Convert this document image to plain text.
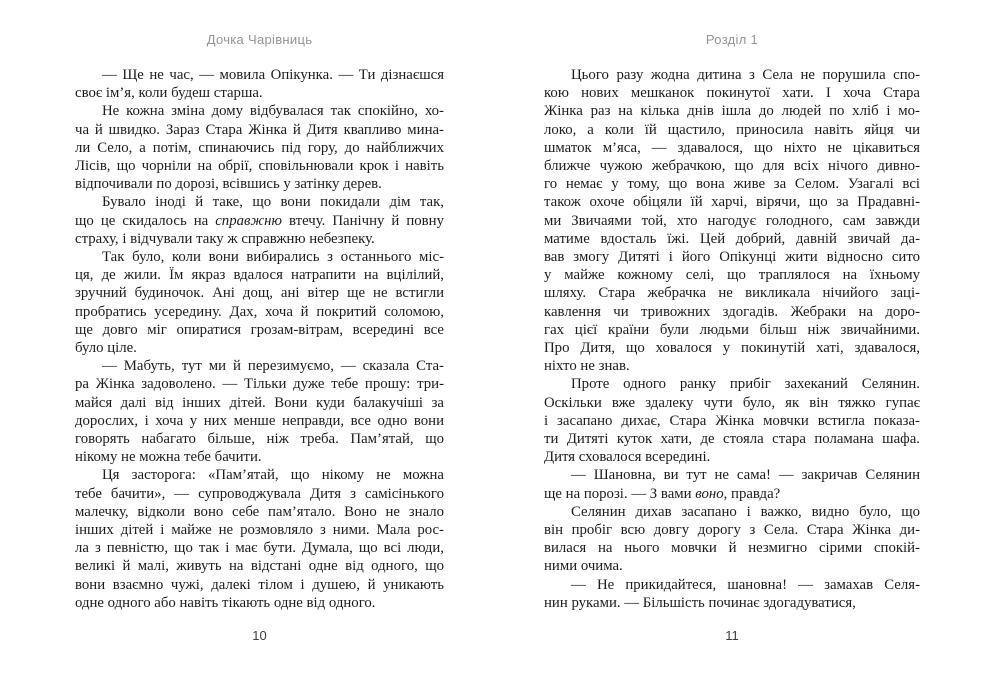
Дочка Чарівниць
— Ще не час, — мовила Опікунка. — Ти дізнаєшся
своє ім’я, коли будеш старша.
Не кожна зміна дому відбувалася так спокійно, хо-
ча й швидко. Зараз Стара Жінка й Дитя квапливо мина-
ли Село, а потім, спинаючись під гору, до найближчих
Лісів, що чорніли на обрії, сповільнювали крок і навіть
відпочивали по дорозі, всівшись у затінку дерев.
Бувало іноді й таке, що вони покидали дім так,
що це скидалось на справжню втечу. Панічну й повну
страху, і відчували таку ж справжню небезпеку.
Так було, коли вони вибирались з останнього міс-
ця, де жили. Їм якраз вдалося натрапити на вцілілий,
зручний будиночок. Ані дощ, ані вітер ще не встигли
пробратись усередину. Дах, хоча й покритий соломою,
ще довго міг опиратися грозам-вітрам, всередині все
було ціле.
— Мабуть, тут ми й перезимуємо, — сказала Ста-
ра Жінка задоволено. — Тільки дуже тебе прошу: три-
майся далі від інших дітей. Вони куди балакучіші за
дорослих, і хоча у них менше неправди, все одно вони
говорять набагато більше, ніж треба. Пам’ятай, що
нікому не можна тебе бачити.
Ця засторога: «Пам’ятай, що нікому не можна
тебе бачити», — супроводжувала Дитя з самісінького
малечку, відколи воно себе пам’ятало. Воно не знало
інших дітей і майже не розмовляло з ними. Мала рос-
ла з певністю, що так і має бути. Думала, що всі люди,
великі й малі, живуть на відстані одне від одного, що
вони взаємно чужі, далекі тілом і душею, й уникають
одне одного або навіть тікають одне від одного.
10
Розділ 1
Цього разу жодна дитина з Села не порушила спо-
кою нових мешканок покинутої хати. І хоча Стара
Жінка раз на кілька днів ішла до людей по хліб і мо-
локо, а коли їй щастило, приносила навіть яйця чи
шматок м’яса, — здавалося, що ніхто не цікавиться
ближче чужою жебрачкою, що для всіх нічого дивно-
го немає у тому, що вона живе за Селом. Узагалі всі
також охоче обіцяли їй харчі, вірячи, що за Прадавні-
ми Звичаями той, хто нагодує голодного, сам завжди
матиме вдосталь їжі. Цей добрий, давній звичай да-
вав змогу Дитяті і його Опікунці жити відносно сито
у майже кожному селі, що траплялося на їхньому
шляху. Стара жебрачка не викликала нічийого заці-
кавлення чи тривожних здогадів. Жебраки на доро-
гах цієї країни були людьми більш ніж звичайними.
Про Дитя, що ховалося у покинутій хаті, здавалося,
ніхто не знав.
Проте одного ранку прибіг захеканий Селянин.
Оскільки вже здалеку чути було, як він тяжко гупає
і засапано дихає, Стара Жінка мовчки встигла показа-
ти Дитяті куток хати, де стояла стара поламана шафа.
Дитя сховалося всередині.
— Шановна, ви тут не сама! — закричав Селянин
ще на порозі. — З вами воно, правда?
Селянин дихав засапано і важко, видно було, що
він пробіг всю довгу дорогу з Села. Стара Жінка ди-
вилася на нього мовчки й незмигно сірими спокій-
ними очима.
— Не прикидайтеся, шановна! — замахав Селя-
нин руками. — Більшість починає здогадуватися,
11
